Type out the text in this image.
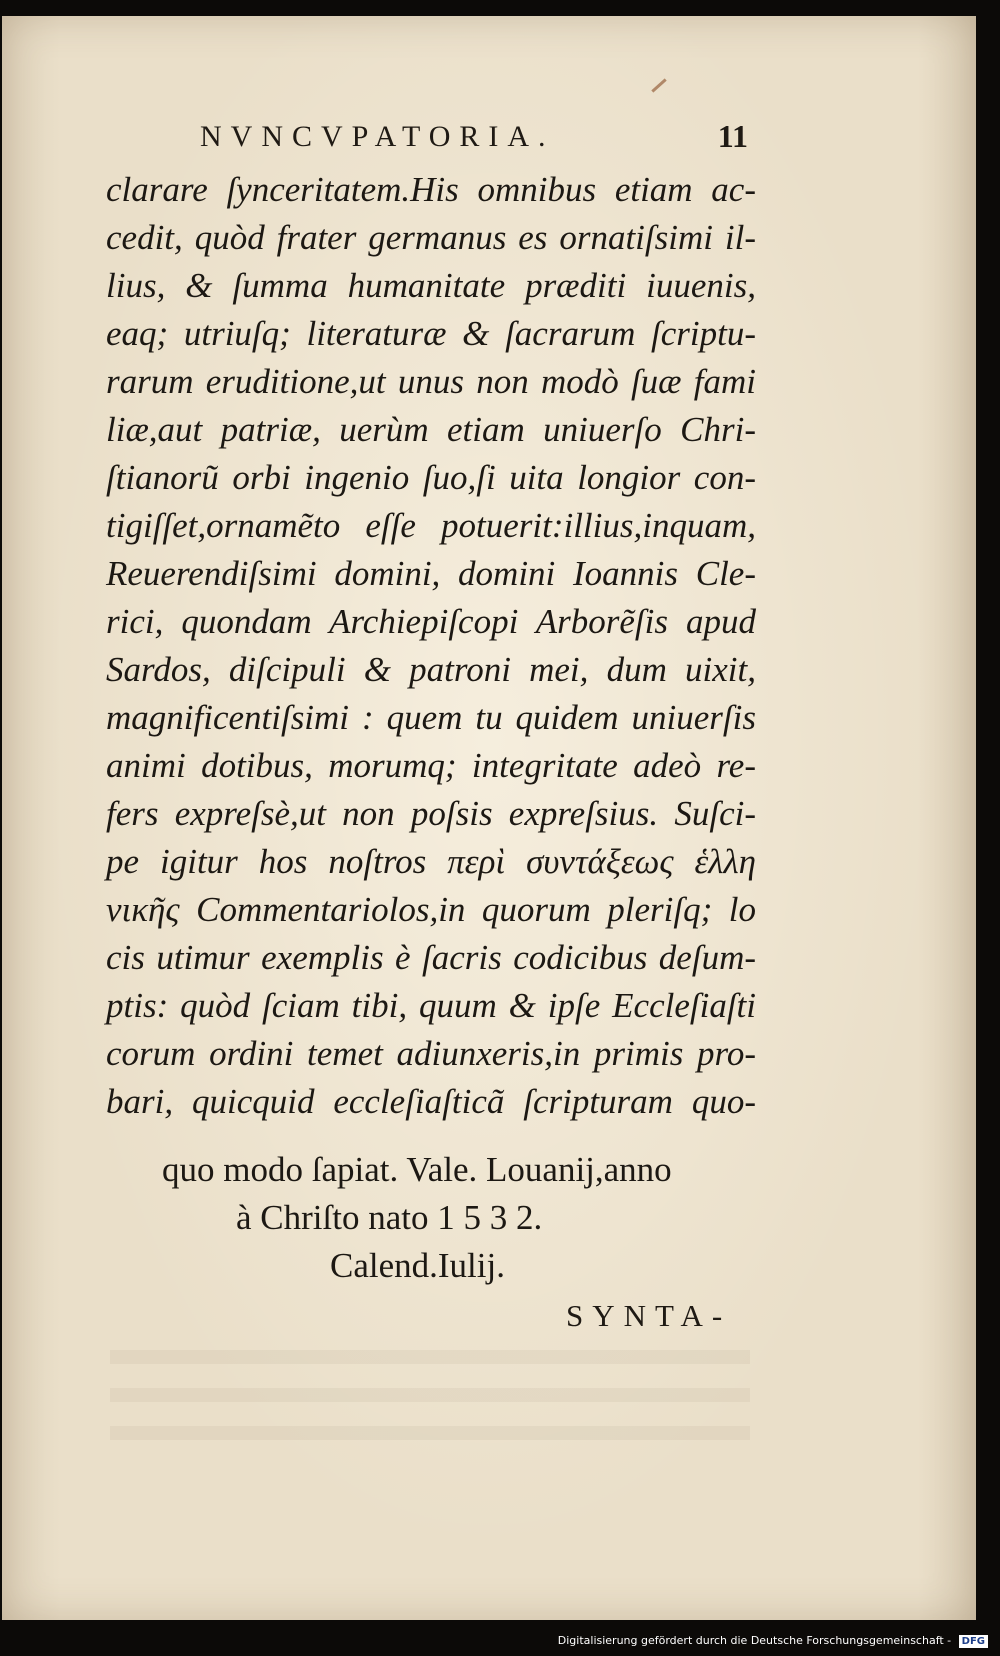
NVNCVPATORIA.	11
clarare ſynceritatem.His omnibus etiam ac-
cedit, quòd frater germanus es ornatiſsimi il-
lius, & ſumma humanitate præditi iuuenis,
eaq; utriuſq; literaturæ & ſacrarum ſcriptu-
rarum eruditione,ut unus non modò ſuæ fami
liæ,aut patriæ, uerùm etiam uniuerſo Chri-
ſtianorũ orbi ingenio ſuo,ſi uita longior con-
tigiſſet,ornamẽto eſſe potuerit:illius,inquam,
Reuerendiſsimi domini, domini Ioannis Cle-
rici, quondam Archiepiſcopi Arborẽſis apud
Sardos, diſcipuli & patroni mei, dum uixit,
magnificentiſsimi : quem tu quidem uniuerſis
animi dotibus, morumq; integritate adeò re-
fers expreſsè,ut non poſsis expreſsius. Suſci-
pe igitur hos noſtros περὶ συντάξεως ἑλλη
νικῆς Commentariolos,in quorum pleriſq; lo
cis utimur exemplis è ſacris codicibus deſum-
ptis: quòd ſciam tibi, quum & ipſe Eccleſiaſti
corum ordini temet adiunxeris,in primis pro-
bari, quicquid eccleſiaſticã ſcripturam quo-
quo modo ſapiat. Vale. Louanij,anno
à Chriſto nato 1 5 3 2.
Calend.Iulij.
SYNTA-
Digitalisierung gefördert durch die Deutsche Forschungsgemeinschaft - DFG
